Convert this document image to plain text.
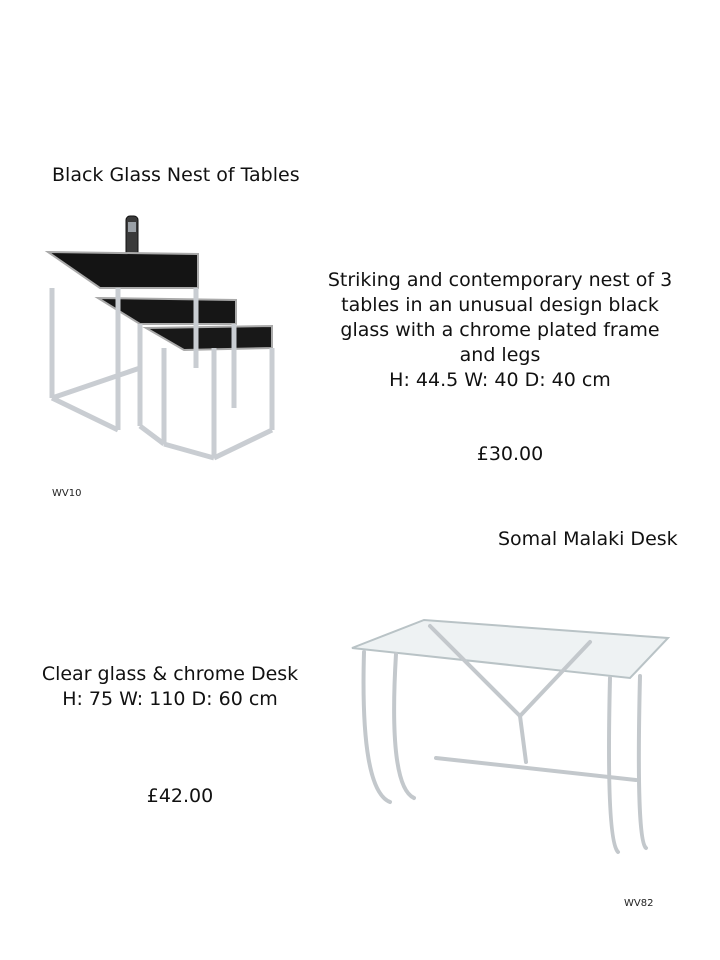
Black Glass Nest of Tables
Striking and contemporary nest of 3
tables in an unusual design black
glass with a chrome plated frame
and legs
H: 44.5 W: 40 D: 40 cm
£30.00
WV10
Somal Malaki Desk
Clear glass & chrome Desk
H: 75 W: 110 D: 60 cm
£42.00
WV82
